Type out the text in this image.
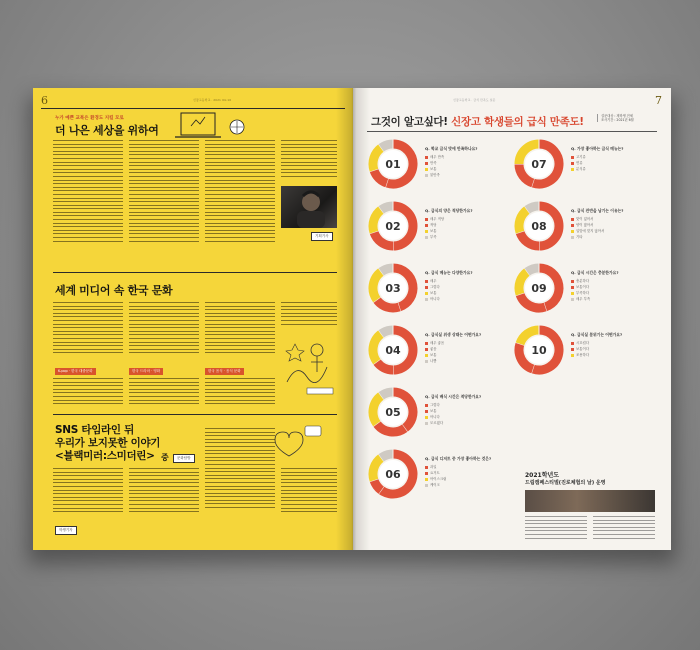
6	신장고등학교 · 2021 Vol.10
누가 예쁜 교복은 환경도 지킬 모로
더 나은 세상을 위하여
기획기사
세계 미디어 속 한국 문화
K-pop · 한국 대중문화	한국 드라마 · 영화	한국 음식 · 음식 문화
SNS 타임라인 뒤
우리가 보지못한 이야기
<블랙미러:스미더린> 중	문화탐방
학생기자
7
신장고등학교 · 급식 만족도 설문
그것이 알고싶다! 신장고 학생들의 급식 만족도!	설문대상 : 재학생 전체
조사기간 : 2021년 6월
01
Q. 학교 급식 맛에 만족하나요?
매우 만족
만족
보통
불만족
02
Q. 급식의 양은 적당한가요?
매우 적당
적당
보통
부족
03
Q. 급식 메뉴는 다양한가요?
매우
그렇다
보통
아니다
04
Q. 급식실 위생 상태는 어떤가요?
매우 좋음
좋음
보통
나쁨
05
Q. 급식 배식 시간은 적당한가요?
그렇다
보통
아니다
모르겠다
06
Q. 급식 디저트 중 가장 좋아하는 것은?
과일
요거트
아이스크림
케이크
07
Q. 가장 좋아하는 급식 메뉴는?
고기류
면류
분식류
08
Q. 급식 잔반을 남기는 이유는?
맛이 없어서
양이 많아서
입맛에 맞지 않아서
기타
09
Q. 급식 시간은 충분한가요?
충분하다
보통이다
부족하다
매우 부족
10
Q. 급식실 분위기는 어떤가요?
시끄럽다
보통이다
조용하다
2021학년도
드림캠페스티벌(진로체험의 날) 운영
